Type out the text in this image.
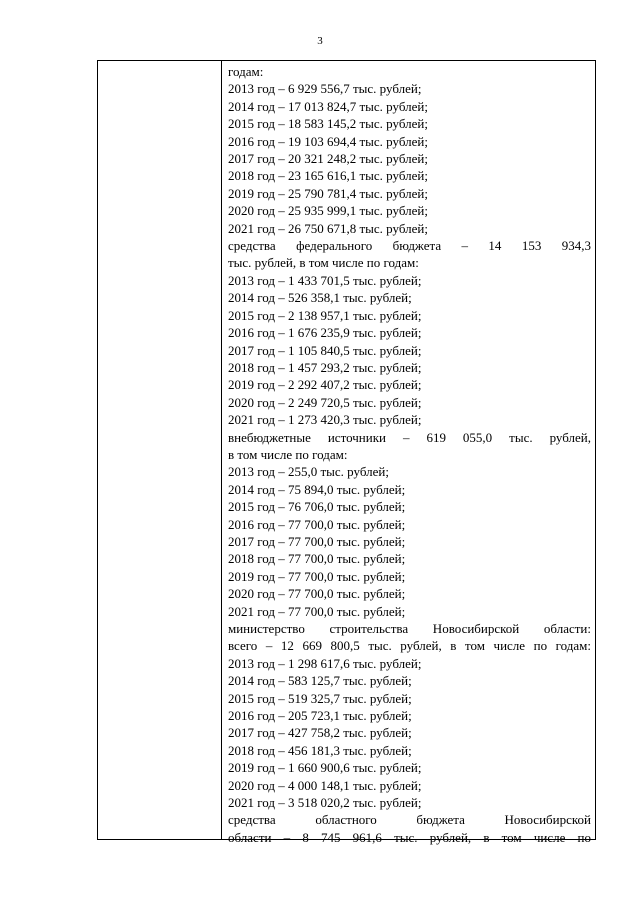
3
годам:
2013 год – 6 929 556,7 тыс. рублей;
2014 год – 17 013 824,7 тыс. рублей;
2015 год – 18 583 145,2 тыс. рублей;
2016 год – 19 103 694,4 тыс. рублей;
2017 год – 20 321 248,2 тыс. рублей;
2018 год – 23 165 616,1 тыс. рублей;
2019 год – 25 790 781,4 тыс. рублей;
2020 год – 25 935 999,1 тыс. рублей;
2021 год – 26 750 671,8 тыс. рублей;
средства федерального бюджета – 14 153 934,3
тыс. рублей, в том числе по годам:
2013 год – 1 433 701,5 тыс. рублей;
2014 год – 526 358,1 тыс. рублей;
2015 год – 2 138 957,1 тыс. рублей;
2016 год – 1 676 235,9 тыс. рублей;
2017 год – 1 105 840,5 тыс. рублей;
2018 год – 1 457 293,2 тыс. рублей;
2019 год – 2 292 407,2 тыс. рублей;
2020 год – 2 249 720,5 тыс. рублей;
2021 год – 1 273 420,3 тыс. рублей;
внебюджетные источники – 619 055,0 тыс. рублей,
в том числе по годам:
2013 год – 255,0 тыс. рублей;
2014 год – 75 894,0 тыс. рублей;
2015 год – 76 706,0 тыс. рублей;
2016 год – 77 700,0 тыс. рублей;
2017 год – 77 700,0 тыс. рублей;
2018 год – 77 700,0 тыс. рублей;
2019 год – 77 700,0 тыс. рублей;
2020 год – 77 700,0 тыс. рублей;
2021 год – 77 700,0 тыс. рублей;
министерство строительства Новосибирской области:
всего – 12 669 800,5 тыс. рублей, в том числе по годам:
2013 год – 1 298 617,6 тыс. рублей;
2014 год – 583 125,7 тыс. рублей;
2015 год – 519 325,7 тыс. рублей;
2016 год – 205 723,1 тыс. рублей;
2017 год – 427 758,2 тыс. рублей;
2018 год – 456 181,3 тыс. рублей;
2019 год – 1 660 900,6 тыс. рублей;
2020 год – 4 000 148,1 тыс. рублей;
2021 год – 3 518 020,2 тыс. рублей;
средства областного бюджета Новосибирской
области – 8 745 961,6 тыс. рублей, в том числе по
